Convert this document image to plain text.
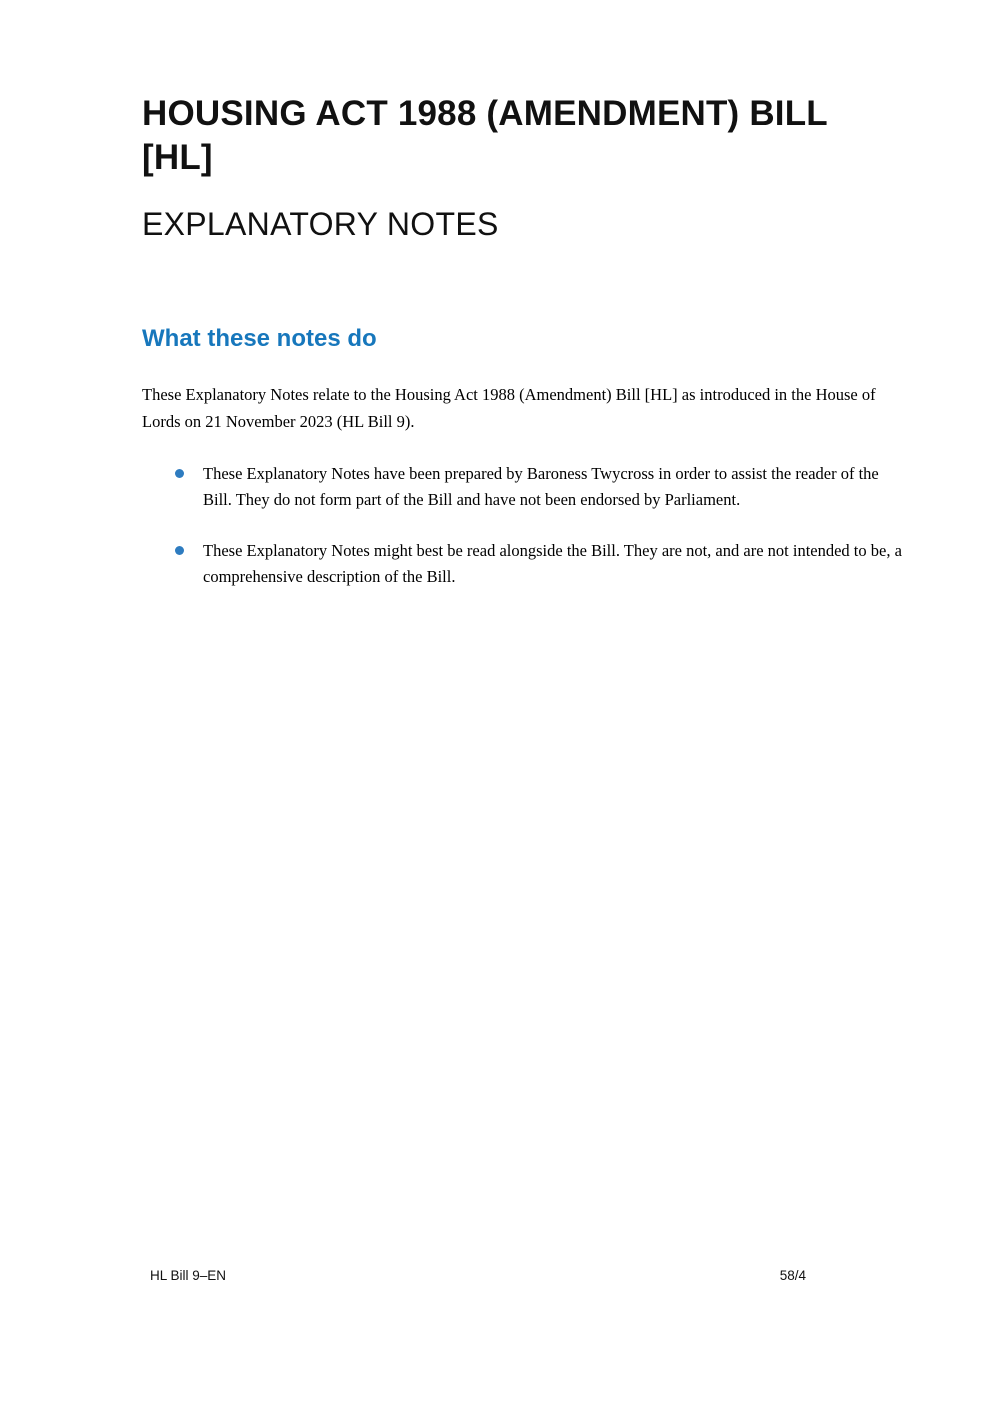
HOUSING ACT 1988 (AMENDMENT) BILL [HL]
EXPLANATORY NOTES
What these notes do

These Explanatory Notes relate to the Housing Act 1988 (Amendment) Bill [HL] as introduced in the House of Lords on 21 November 2023 (HL Bill 9).

These Explanatory Notes have been prepared by Baroness Twycross in order to assist the reader of the Bill. They do not form part of the Bill and have not been endorsed by Parliament.
These Explanatory Notes might best be read alongside the Bill. They are not, and are not intended to be, a comprehensive description of the Bill.
HL Bill 9–EN	58/4
